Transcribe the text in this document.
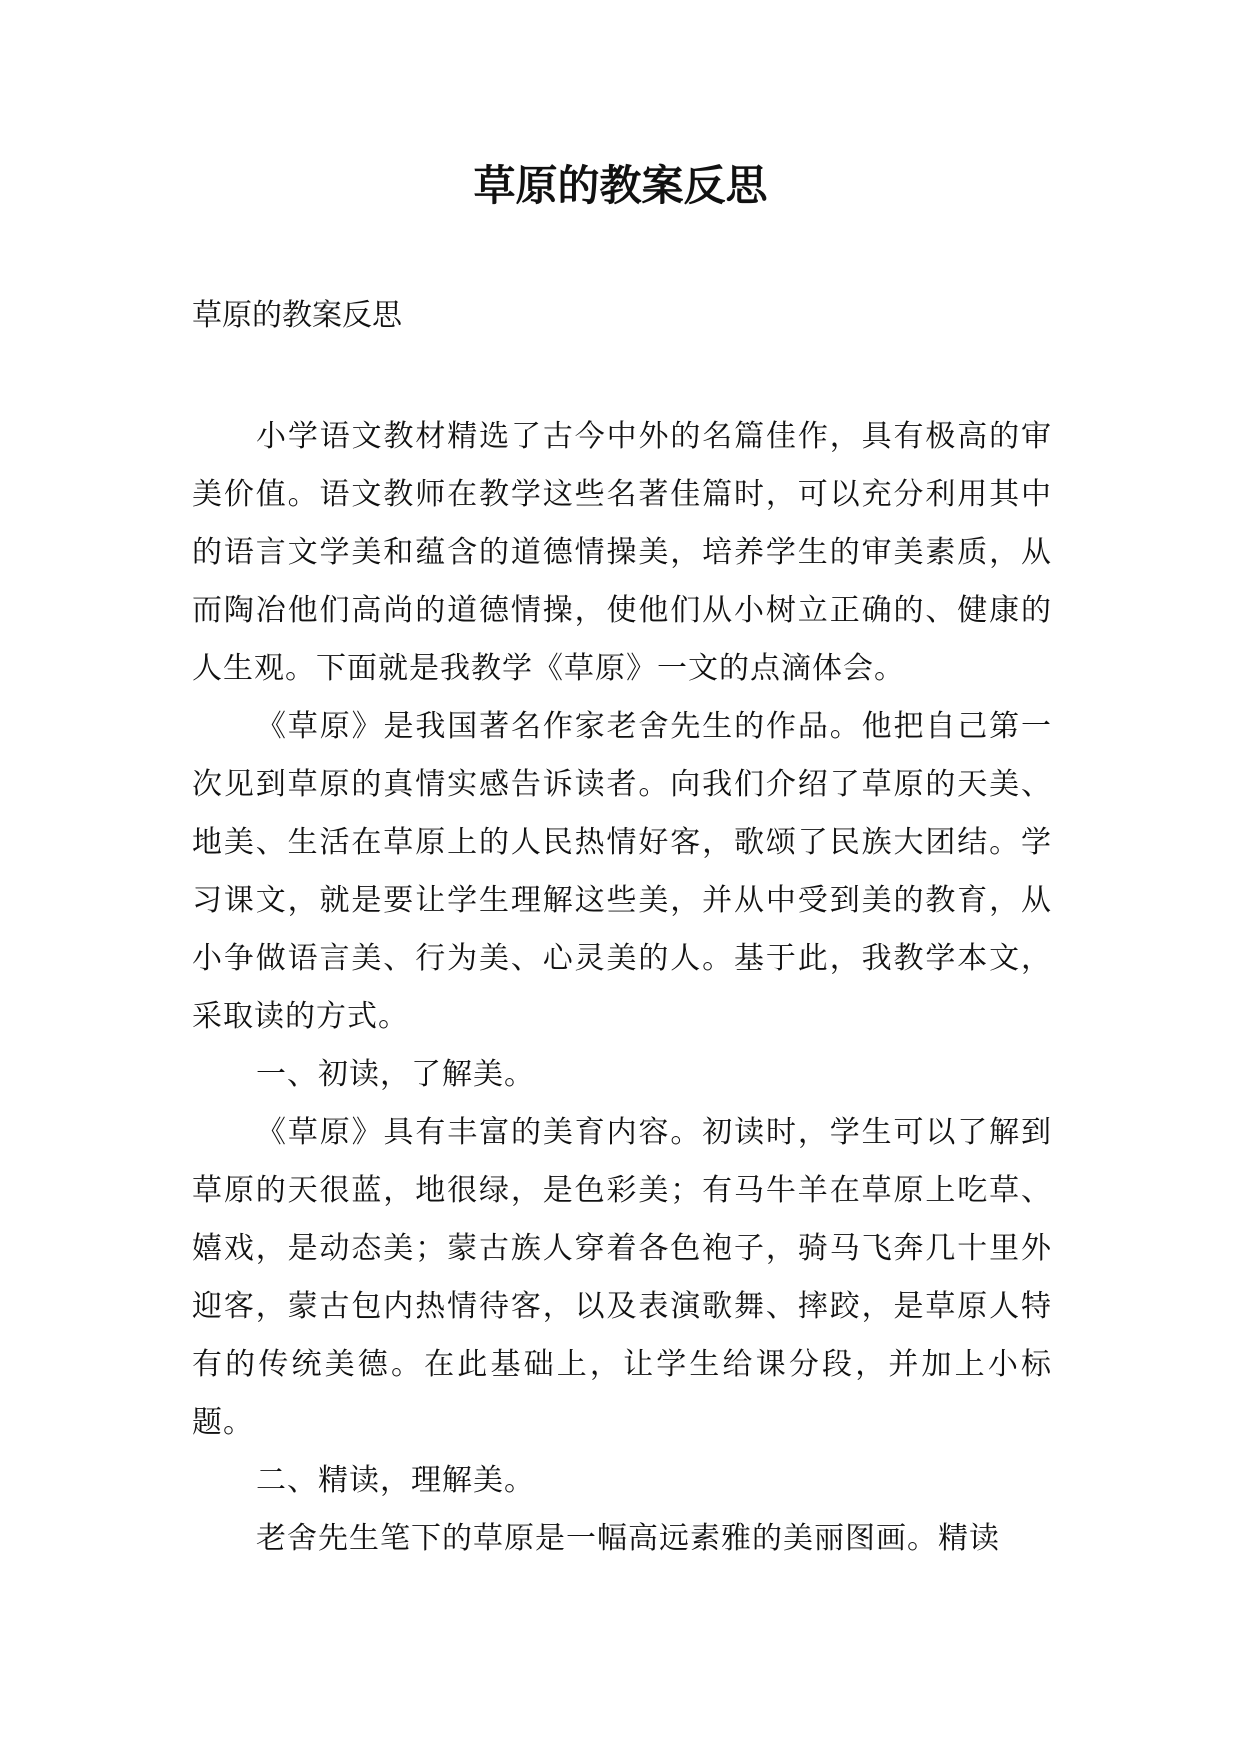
草原的教案反思

草原的教案反思

小学语文教材精选了古今中外的名篇佳作，具有极高的审美价值。语文教师在教学这些名著佳篇时，可以充分利用其中的语言文学美和蕴含的道德情操美，培养学生的审美素质，从而陶冶他们高尚的道德情操，使他们从小树立正确的、健康的人生观。下面就是我教学《草原》一文的点滴体会。

《草原》是我国著名作家老舍先生的作品。他把自己第一次见到草原的真情实感告诉读者。向我们介绍了草原的天美、地美、生活在草原上的人民热情好客，歌颂了民族大团结。学习课文，就是要让学生理解这些美，并从中受到美的教育，从小争做语言美、行为美、心灵美的人。基于此，我教学本文，采取读的方式。

一、初读，了解美。

《草原》具有丰富的美育内容。初读时，学生可以了解到草原的天很蓝，地很绿，是色彩美；有马牛羊在草原上吃草、嬉戏，是动态美；蒙古族人穿着各色袍子，骑马飞奔几十里外迎客，蒙古包内热情待客，以及表演歌舞、摔跤，是草原人特有的传统美德。在此基础上，让学生给课分段，并加上小标题。

二、精读，理解美。

老舍先生笔下的草原是一幅高远素雅的美丽图画。精读
